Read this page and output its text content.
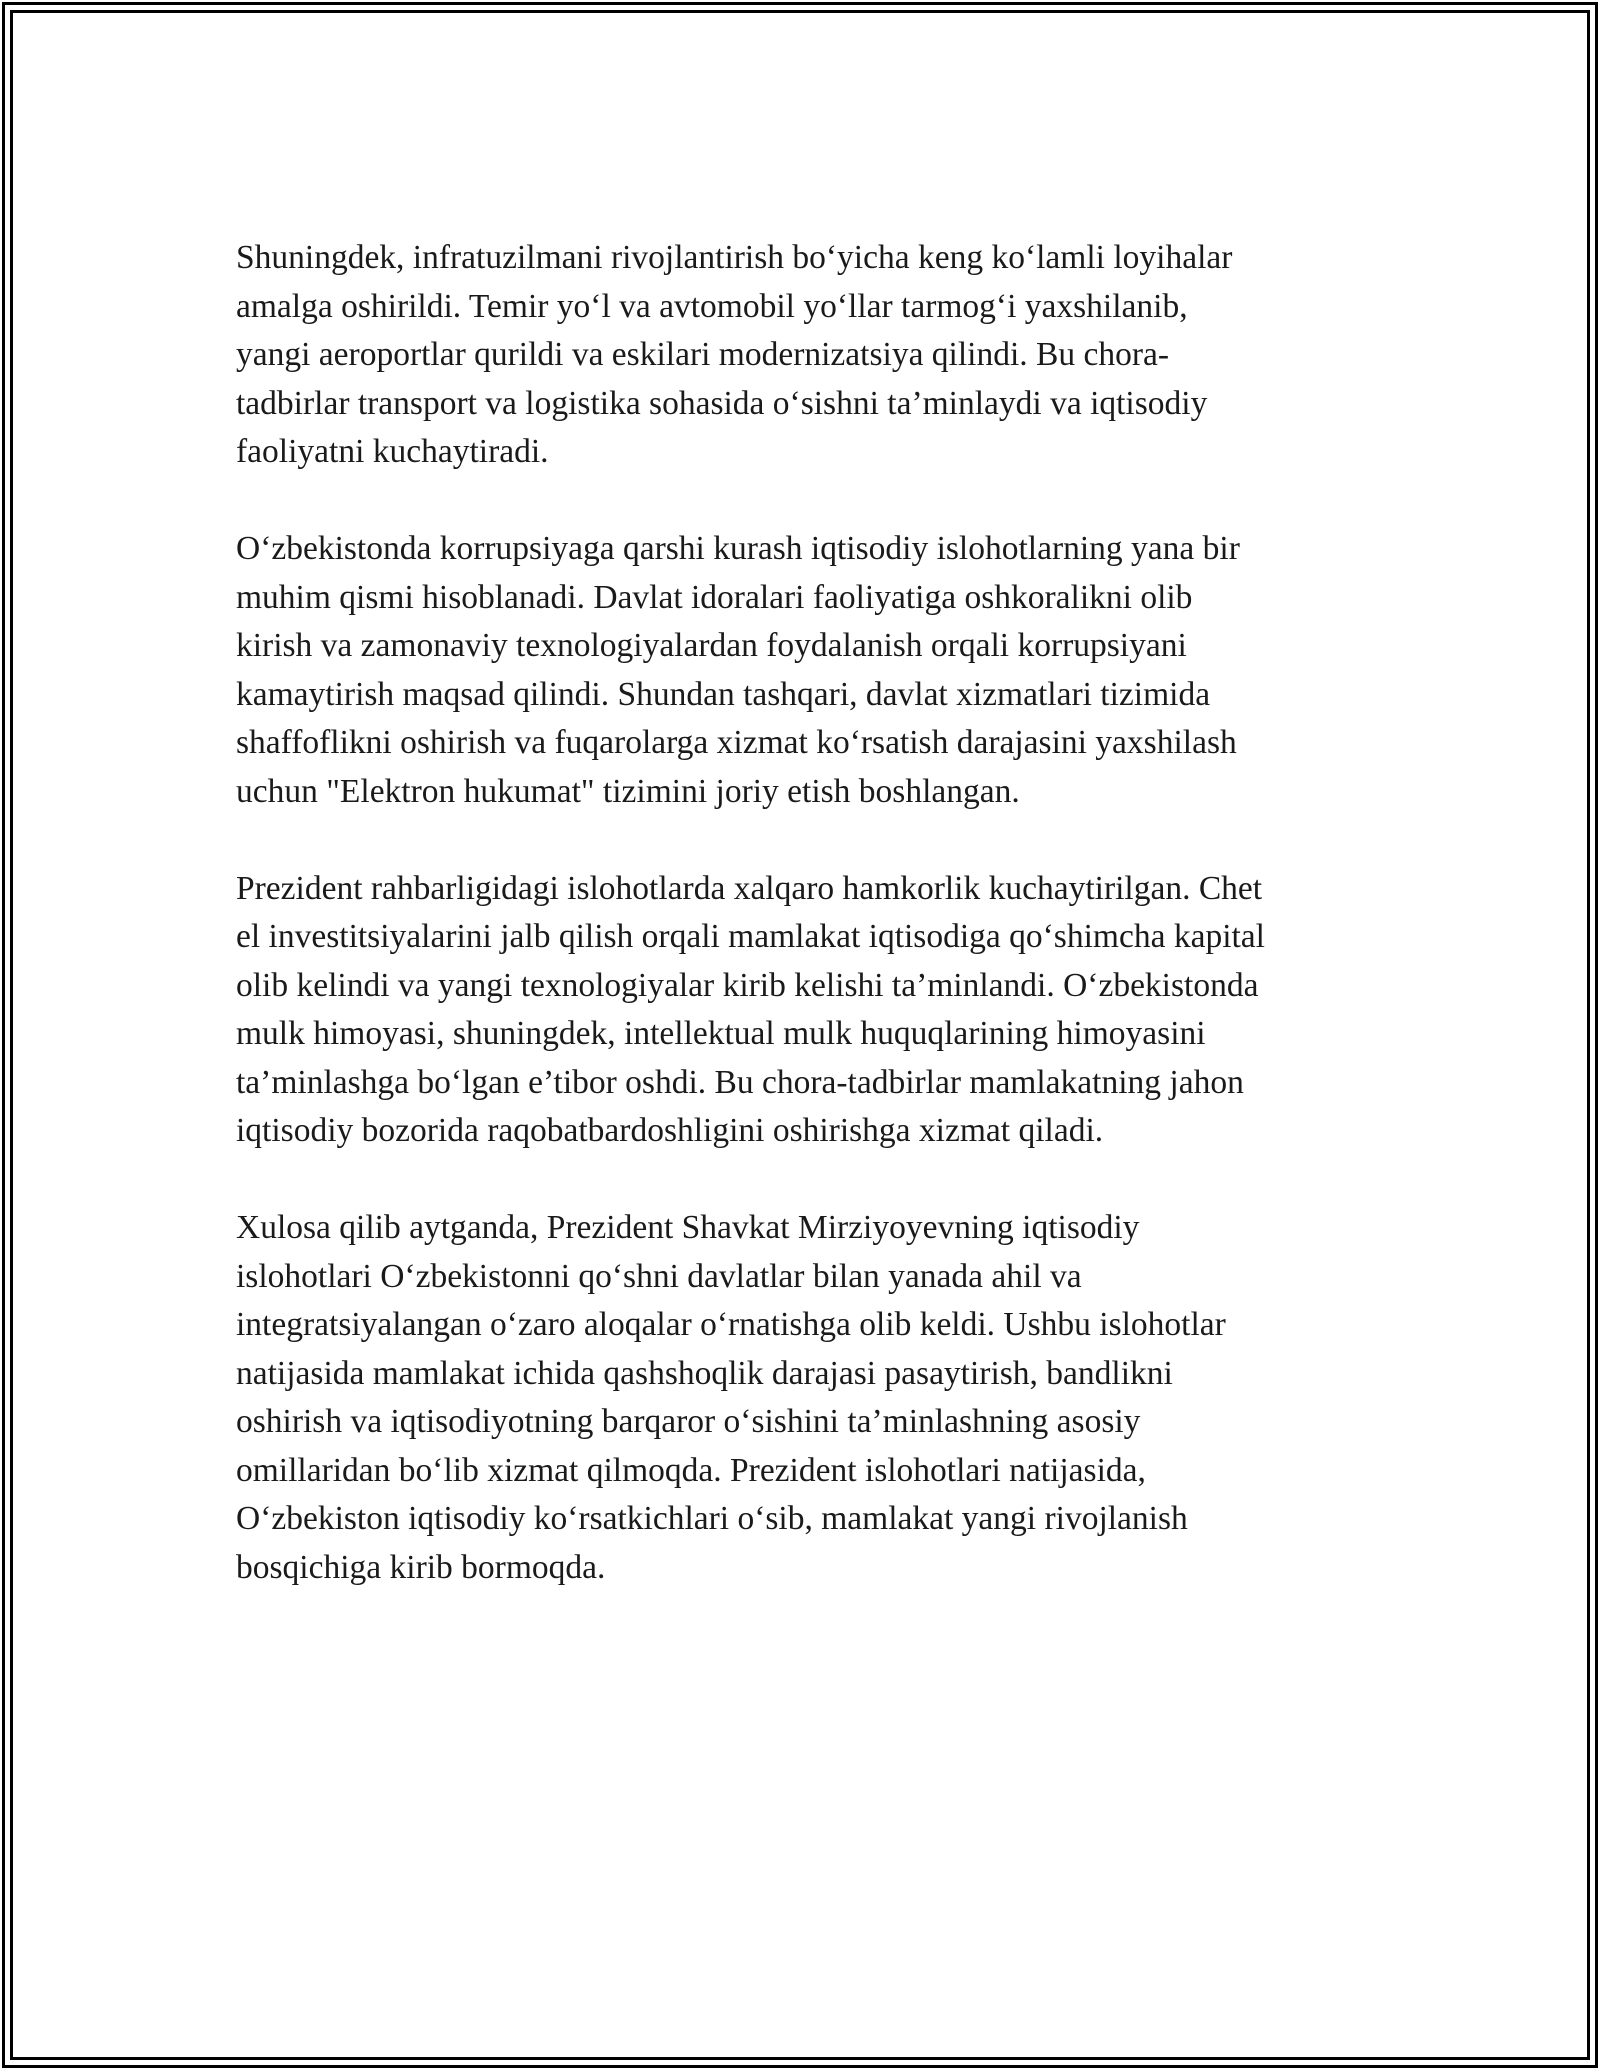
Shuningdek, infratuzilmani rivojlantirish bo‘yicha keng ko‘lamli loyihalar
amalga oshirildi. Temir yo‘l va avtomobil yo‘llar tarmog‘i yaxshilanib,
yangi aeroportlar qurildi va eskilari modernizatsiya qilindi. Bu chora-
tadbirlar transport va logistika sohasida o‘sishni ta’minlaydi va iqtisodiy
faoliyatni kuchaytiradi.

O‘zbekistonda korrupsiyaga qarshi kurash iqtisodiy islohotlarning yana bir
muhim qismi hisoblanadi. Davlat idoralari faoliyatiga oshkoralikni olib
kirish va zamonaviy texnologiyalardan foydalanish orqali korrupsiyani
kamaytirish maqsad qilindi. Shundan tashqari, davlat xizmatlari tizimida
shaffoflikni oshirish va fuqarolarga xizmat ko‘rsatish darajasini yaxshilash
uchun "Elektron hukumat" tizimini joriy etish boshlangan.

Prezident rahbarligidagi islohotlarda xalqaro hamkorlik kuchaytirilgan. Chet
el investitsiyalarini jalb qilish orqali mamlakat iqtisodiga qo‘shimcha kapital
olib kelindi va yangi texnologiyalar kirib kelishi ta’minlandi. O‘zbekistonda
mulk himoyasi, shuningdek, intellektual mulk huquqlarining himoyasini
ta’minlashga bo‘lgan e’tibor oshdi. Bu chora-tadbirlar mamlakatning jahon
iqtisodiy bozorida raqobatbardoshligini oshirishga xizmat qiladi.

Xulosa qilib aytganda, Prezident Shavkat Mirziyoyevning iqtisodiy
islohotlari O‘zbekistonni qo‘shni davlatlar bilan yanada ahil va
integratsiyalangan o‘zaro aloqalar o‘rnatishga olib keldi. Ushbu islohotlar
natijasida mamlakat ichida qashshoqlik darajasi pasaytirish, bandlikni
oshirish va iqtisodiyotning barqaror o‘sishini ta’minlashning asosiy
omillaridan bo‘lib xizmat qilmoqda. Prezident islohotlari natijasida,
O‘zbekiston iqtisodiy ko‘rsatkichlari o‘sib, mamlakat yangi rivojlanish
bosqichiga kirib bormoqda.
